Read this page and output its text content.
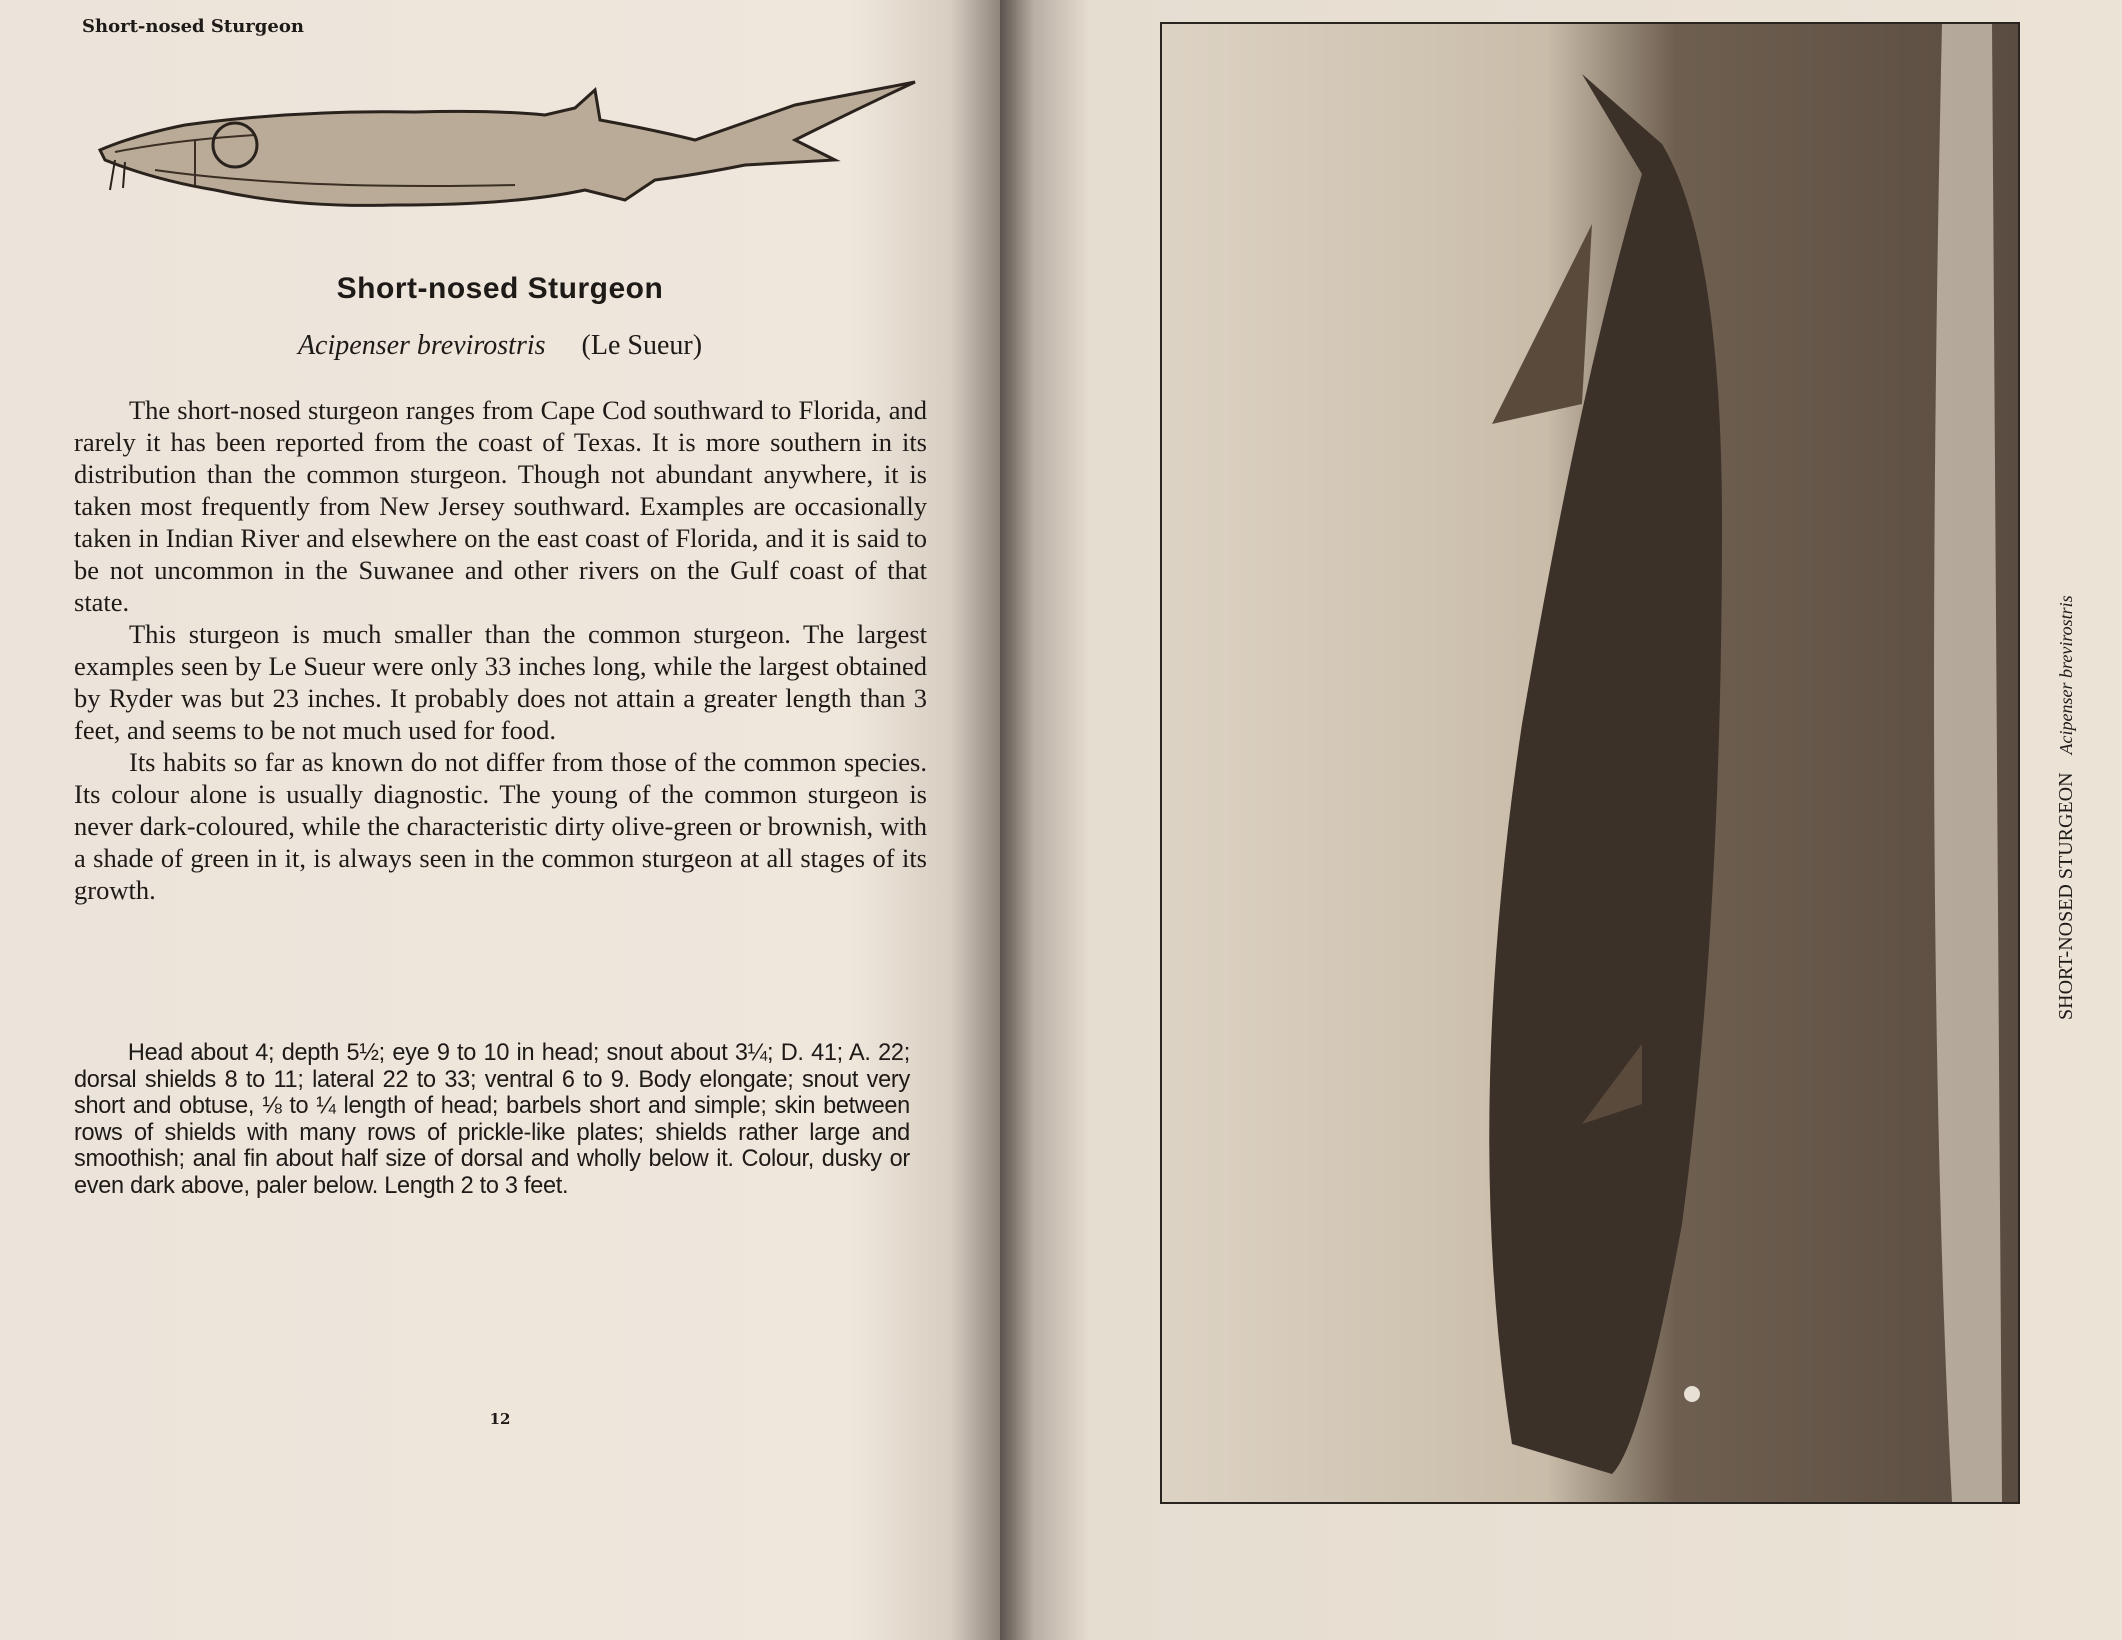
Short-nosed Sturgeon
Short-nosed Sturgeon
Acipenser brevirostris (Le Sueur)

The short-nosed sturgeon ranges from Cape Cod southward to Florida, and rarely it has been reported from the coast of Texas. It is more southern in its distribution than the common sturgeon. Though not abundant anywhere, it is taken most frequently from New Jersey southward. Examples are occasionally taken in Indian River and elsewhere on the east coast of Florida, and it is said to be not uncommon in the Suwanee and other rivers on the Gulf coast of that state.

This sturgeon is much smaller than the common sturgeon. The largest examples seen by Le Sueur were only 33 inches long, while the largest obtained by Ryder was but 23 inches. It probably does not attain a greater length than 3 feet, and seems to be not much used for food.

Its habits so far as known do not differ from those of the common species. Its colour alone is usually diagnostic. The young of the common sturgeon is never dark-coloured, while the characteristic dirty olive-green or brownish, with a shade of green in it, is always seen in the common sturgeon at all stages of its growth.

Head about 4; depth 5½; eye 9 to 10 in head; snout about 3¼; D. 41; A. 22; dorsal shields 8 to 11; lateral 22 to 33; ventral 6 to 9. Body elongate; snout very short and obtuse, ⅛ to ¼ length of head; barbels short and simple; skin between rows of shields with many rows of prickle-like plates; shields rather large and smoothish; anal fin about half size of dorsal and wholly below it. Colour, dusky or even dark above, paler below. Length 2 to 3 feet.

12
SHORT-NOSED STURGEONAcipenser brevirostris
